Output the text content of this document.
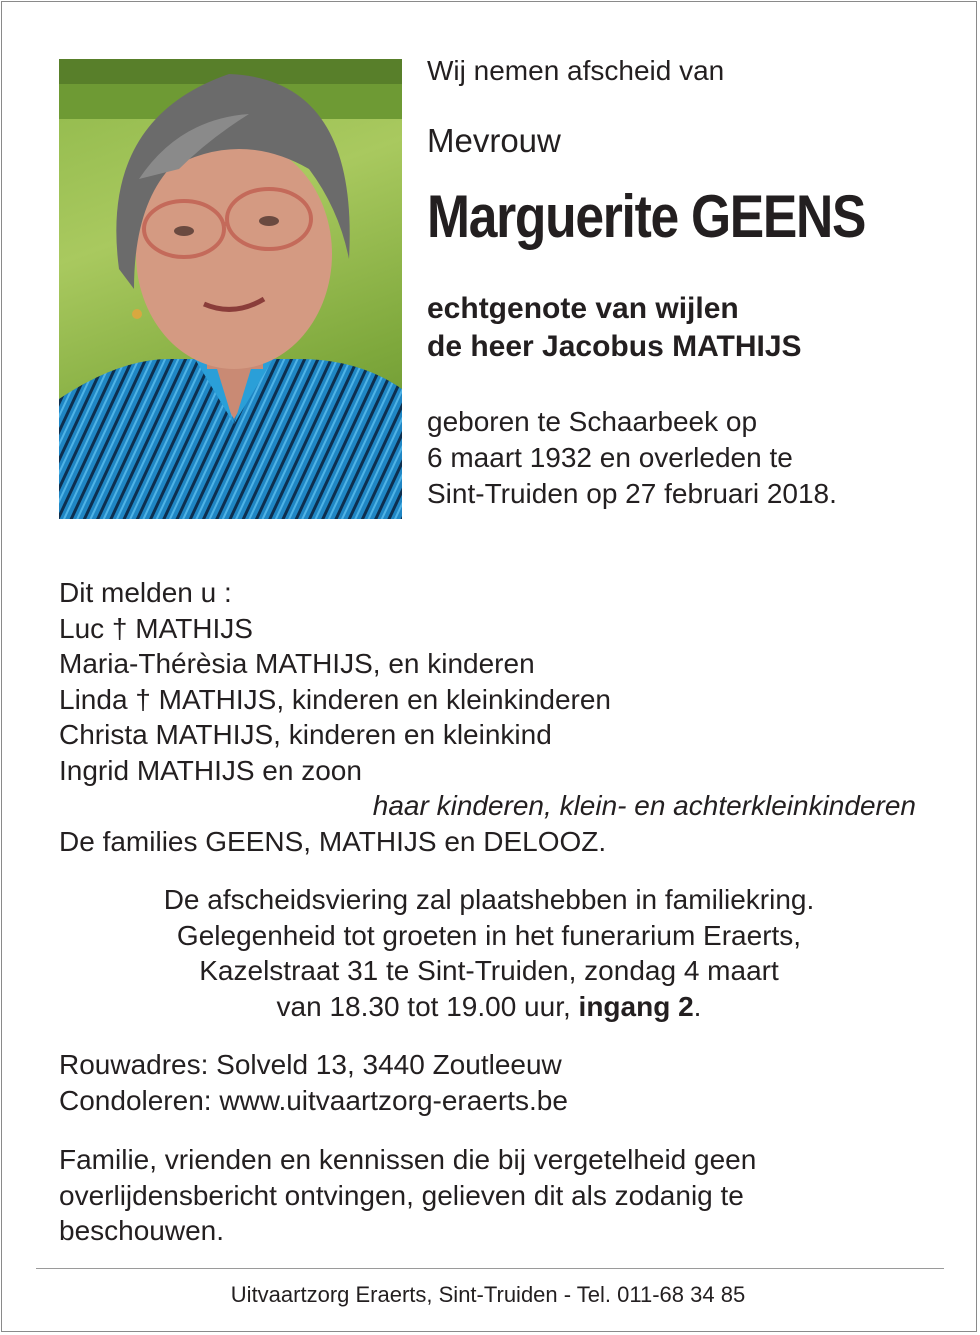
Wij nemen afscheid van

Mevrouw

Marguerite GEENS

echtgenote van wijlen
de heer Jacobus MATHIJS

geboren te Schaarbeek op
6 maart 1932 en overleden te
Sint-Truiden op 27 februari 2018.

Dit melden u :
Luc † MATHIJS
Maria-Thérèsia MATHIJS, en kinderen
Linda † MATHIJS, kinderen en kleinkinderen
Christa MATHIJS, kinderen en kleinkind
Ingrid MATHIJS en zoon
haar kinderen, klein- en achterkleinkinderen
De families GEENS, MATHIJS en DELOOZ.
De afscheidsviering zal plaatshebben in familiekring.
Gelegenheid tot groeten in het funerarium Eraerts,
Kazelstraat 31 te Sint-Truiden, zondag 4 maart
van 18.30 tot 19.00 uur, ingang 2.
Rouwadres: Solveld 13, 3440 Zoutleeuw
Condoleren: www.uitvaartzorg-eraerts.be
Familie, vrienden en kennissen die bij vergetelheid geen
overlijdensbericht ontvingen, gelieven dit als zodanig te
beschouwen.
Uitvaartzorg Eraerts, Sint-Truiden - Tel. 011-68 34 85
